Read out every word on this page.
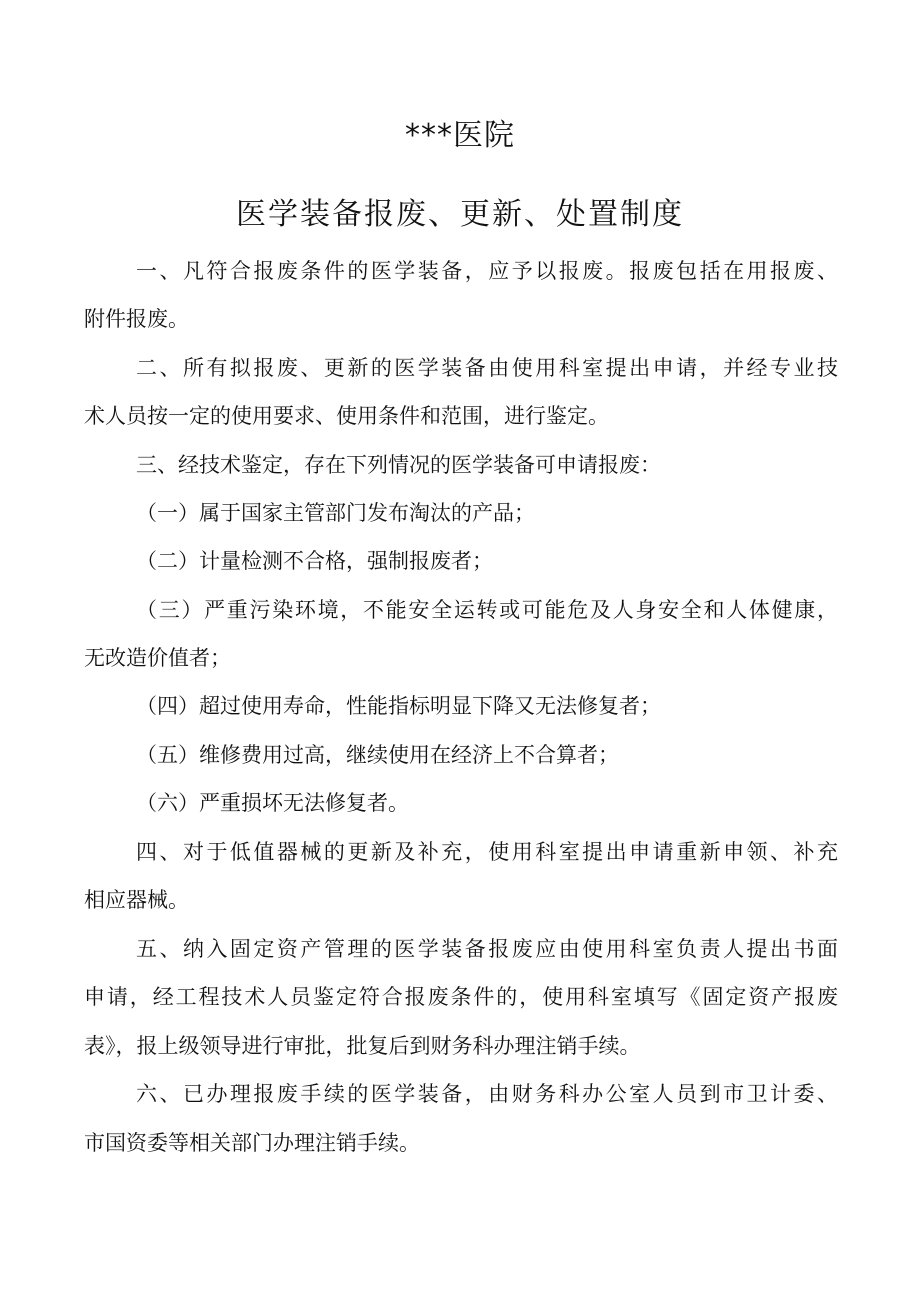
***医院
医学装备报废、更新、处置制度
一、凡符合报废条件的医学装备，应予以报废。报废包括在用报废、
附件报废。
二、所有拟报废、更新的医学装备由使用科室提出申请，并经专业技
术人员按一定的使用要求、使用条件和范围，进行鉴定。
三、经技术鉴定，存在下列情况的医学装备可申请报废：
（一）属于国家主管部门发布淘汰的产品；
（二）计量检测不合格，强制报废者；
（三）严重污染环境，不能安全运转或可能危及人身安全和人体健康，
无改造价值者；
（四）超过使用寿命，性能指标明显下降又无法修复者；
（五）维修费用过高，继续使用在经济上不合算者；
（六）严重损坏无法修复者。
四、对于低值器械的更新及补充，使用科室提出申请重新申领、补充
相应器械。
五、纳入固定资产管理的医学装备报废应由使用科室负责人提出书面
申请，经工程技术人员鉴定符合报废条件的，使用科室填写《固定资产报废
表》，报上级领导进行审批，批复后到财务科办理注销手续。
六、已办理报废手续的医学装备，由财务科办公室人员到市卫计委、
市国资委等相关部门办理注销手续。
